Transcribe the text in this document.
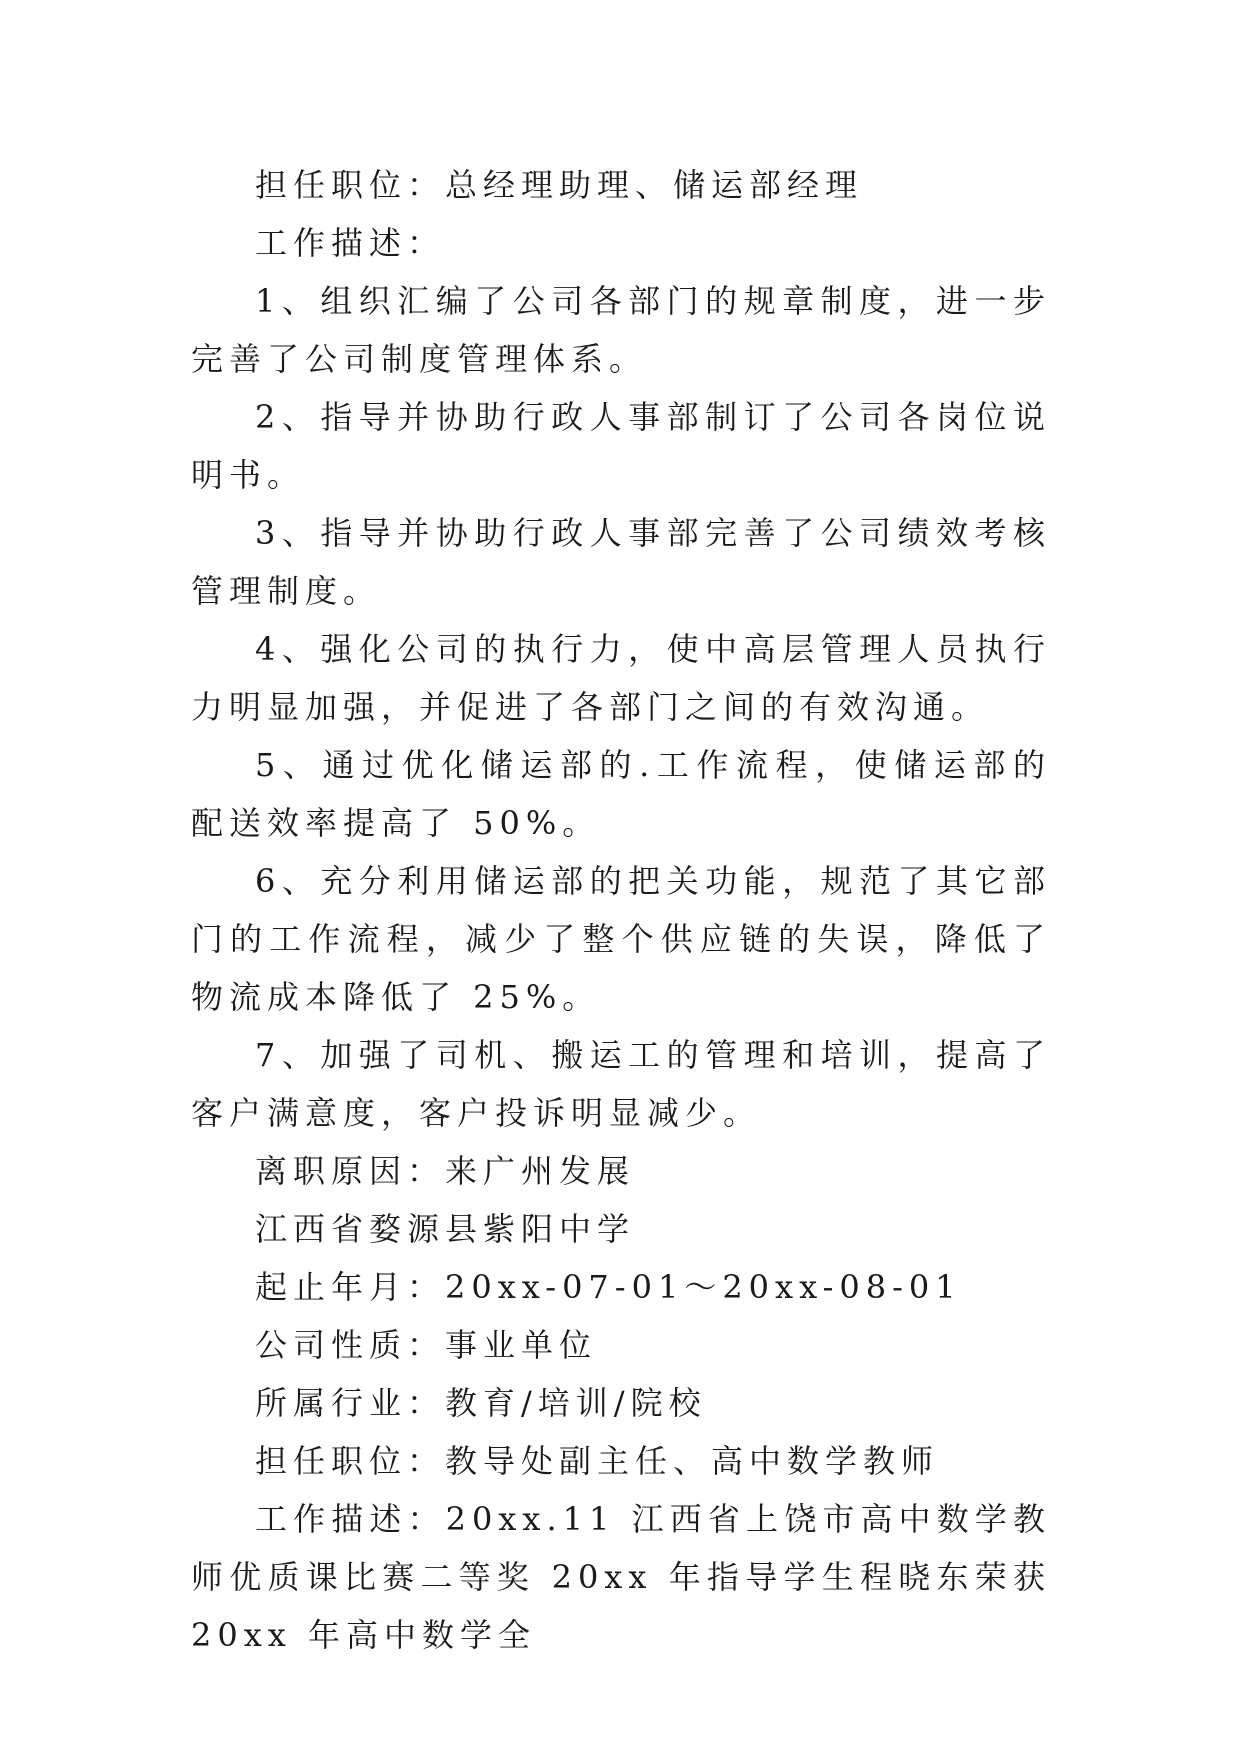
担任职位：总经理助理、储运部经理

工作描述：

1、组织汇编了公司各部门的规章制度，进一步完善了公司制度管理体系。

2、指导并协助行政人事部制订了公司各岗位说明书。

3、指导并协助行政人事部完善了公司绩效考核管理制度。

4、强化公司的执行力，使中高层管理人员执行力明显加强，并促进了各部门之间的有效沟通。

5、通过优化储运部的.工作流程，使储运部的配送效率提高了 50%。

6、充分利用储运部的把关功能，规范了其它部门的工作流程，减少了整个供应链的失误，降低了物流成本降低了 25%。

7、加强了司机、搬运工的管理和培训，提高了客户满意度，客户投诉明显减少。

离职原因：来广州发展

江西省婺源县紫阳中学

起止年月：20xx-07-01～20xx-08-01

公司性质：事业单位

所属行业：教育/培训/院校

担任职位：教导处副主任、高中数学教师

工作描述：20xx.11 江西省上饶市高中数学教师优质课比赛二等奖 20xx 年指导学生程晓东荣获 20xx 年高中数学全
